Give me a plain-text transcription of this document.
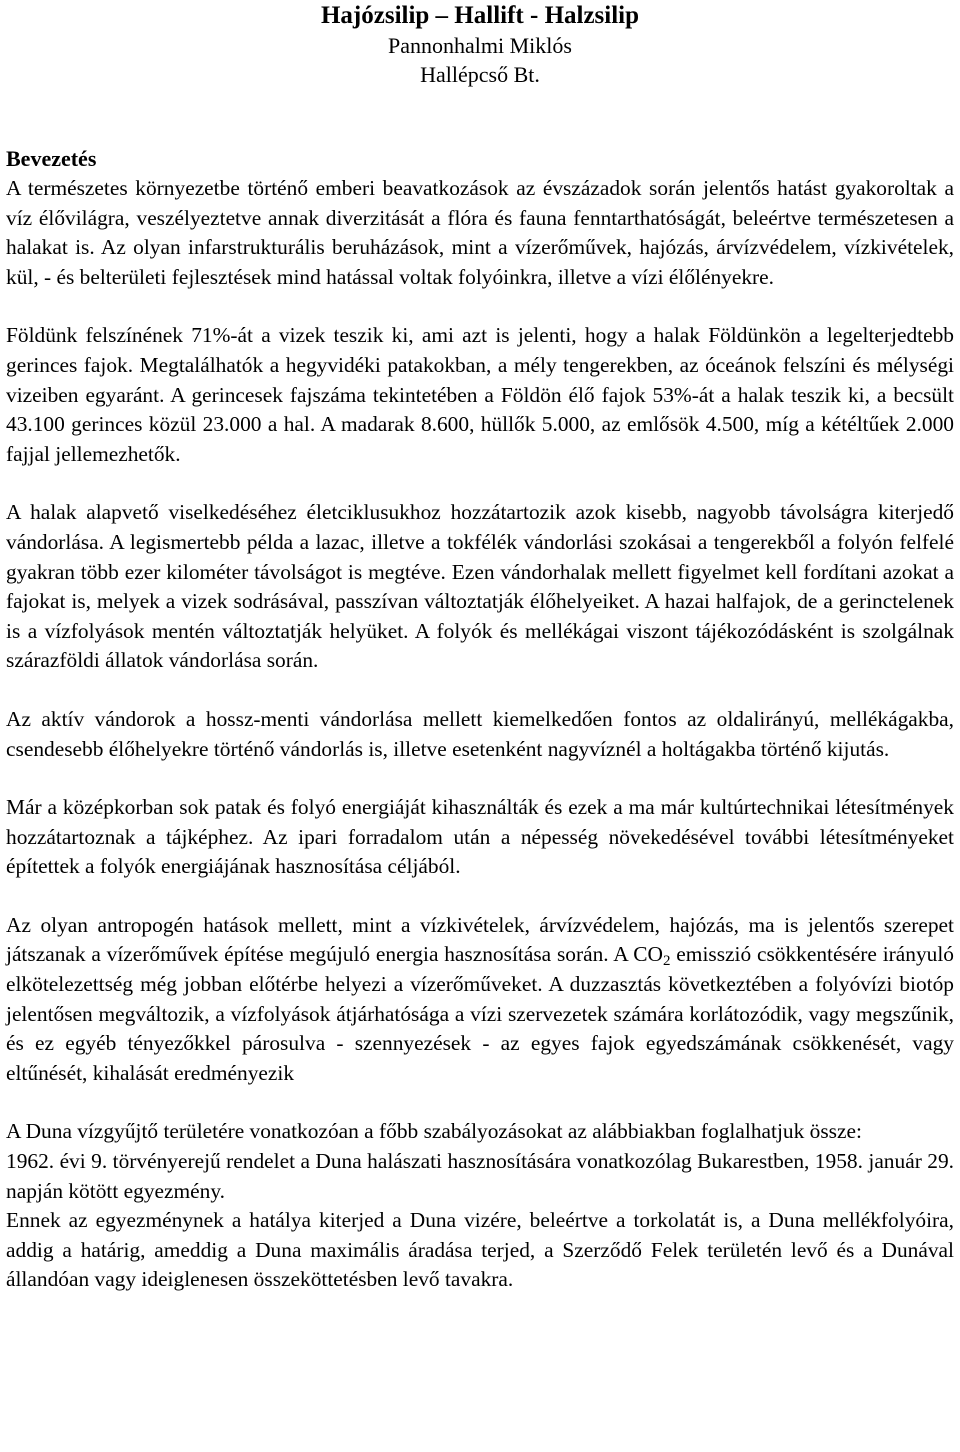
Hajózsilip – Hallift - Halzsilip

Pannonhalmi Miklós

Hallépcső Bt.

Bevezetés

A természetes környezetbe történő emberi beavatkozások az évszázadok során jelentős hatást gyakoroltak a víz élővilágra, veszélyeztetve annak diverzitását a flóra és fauna fenntarthatóságát, beleértve természetesen a halakat is. Az olyan infarstrukturális beruházások, mint a vízerőművek, hajózás, árvízvédelem, vízkivételek, kül, - és belterületi fejlesztések mind hatással voltak folyóinkra, illetve a vízi élőlényekre.

Földünk felszínének 71%-át a vizek teszik ki, ami azt is jelenti, hogy a halak Földünkön a legelterjedtebb gerinces fajok. Megtalálhatók a hegyvidéki patakokban, a mély tengerekben, az óceánok felszíni és mélységi vizeiben egyaránt. A gerincesek fajszáma tekintetében a Földön élő fajok 53%-át a halak teszik ki, a becsült 43.100 gerinces közül 23.000 a hal. A madarak 8.600, hüllők 5.000, az emlősök 4.500, míg a kétéltűek 2.000 fajjal jellemezhetők.

A halak alapvető viselkedéséhez életciklusukhoz hozzátartozik azok kisebb, nagyobb távolságra kiterjedő vándorlása. A legismertebb példa a lazac, illetve a tokfélék vándorlási szokásai a tengerekből a folyón felfelé gyakran több ezer kilométer távolságot is megtéve. Ezen vándorhalak mellett figyelmet kell fordítani azokat a fajokat is, melyek a vizek sodrásával, passzívan változtatják élőhelyeiket. A hazai halfajok, de a gerinctelenek is a vízfolyások mentén változtatják helyüket. A folyók és mellékágai viszont tájékozódásként is szolgálnak szárazföldi állatok vándorlása során.

Az aktív vándorok a hossz-menti vándorlása mellett kiemelkedően fontos az oldalirányú, mellékágakba, csendesebb élőhelyekre történő vándorlás is, illetve esetenként nagyvíznél a holtágakba történő kijutás.

Már a középkorban sok patak és folyó energiáját kihasználták és ezek a ma már kultúrtechnikai létesítmények hozzátartoznak a tájképhez. Az ipari forradalom után a népesség növekedésével további létesítményeket építettek a folyók energiájának hasznosítása céljából.

Az olyan antropogén hatások mellett, mint a vízkivételek, árvízvédelem, hajózás, ma is jelentős szerepet játszanak a vízerőművek építése megújuló energia hasznosítása során. A $CO_2$ emisszió csökkentésére irányuló elkötelezettség még jobban előtérbe helyezi a vízerőműveket. A duzzasztás következtében a folyóvízi biotóp jelentősen megváltozik, a vízfolyások átjárhatósága a vízi szervezetek számára korlátozódik, vagy megszűnik, és ez egyéb tényezőkkel párosulva - szennyezések - az egyes fajok egyedszámának csökkenését, vagy eltűnését, kihalását eredményezik

A Duna vízgyűjtő területére vonatkozóan a főbb szabályozásokat az alábbiakban foglalhatjuk össze:

1962. évi 9. törvényerejű rendelet a Duna halászati hasznosítására vonatkozólag Bukarestben, 1958. január 29. napján kötött egyezmény.

Ennek az egyezménynek a hatálya kiterjed a Duna vizére, beleértve a torkolatát is, a Duna mellékfolyóira, addig a határig, ameddig a Duna maximális áradása terjed, a Szerződő Felek területén levő és a Dunával állandóan vagy ideiglenesen összeköttetésben levő tavakra.
